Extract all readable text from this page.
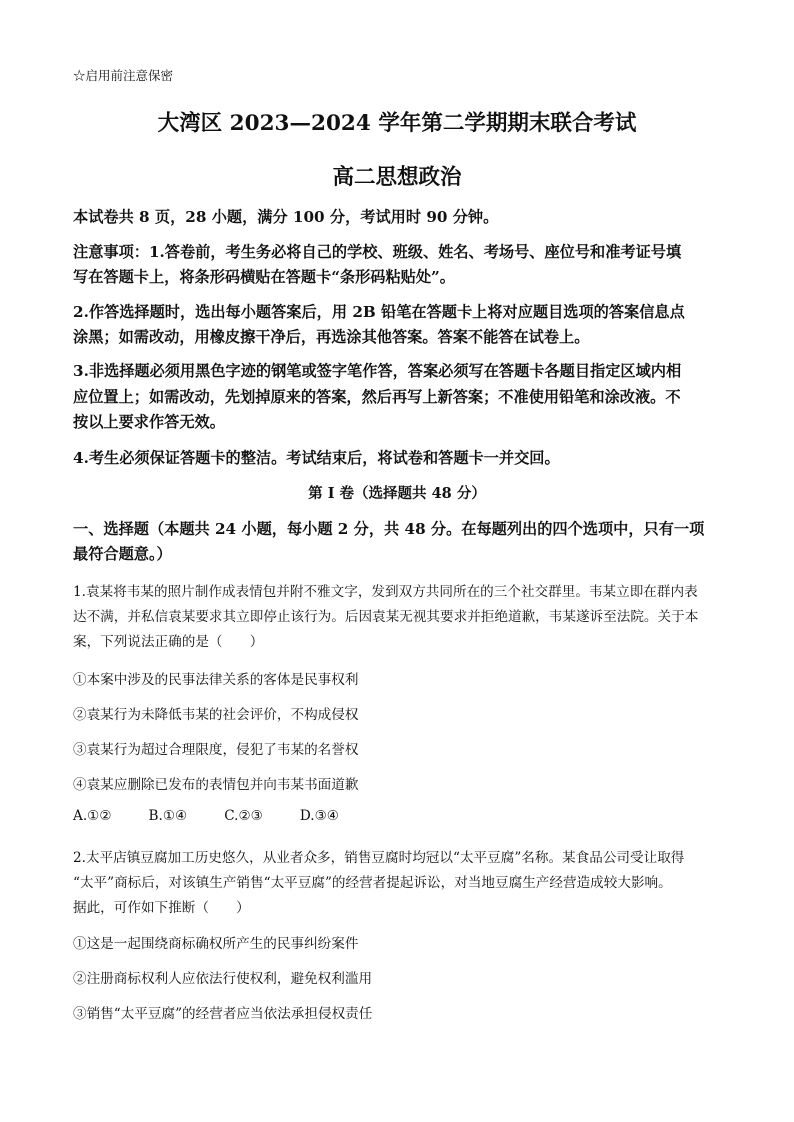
☆启用前注意保密
大湾区 2023—2024 学年第二学期期末联合考试
高二思想政治
本试卷共 8 页，28 小题，满分 100 分，考试用时 90 分钟。
注意事项：1.答卷前，考生务必将自己的学校、班级、姓名、考场号、座位号和准考证号填
写在答题卡上，将条形码横贴在答题卡“条形码粘贴处”。
2.作答选择题时，选出每小题答案后，用 2B 铅笔在答题卡上将对应题目选项的答案信息点
涂黑；如需改动，用橡皮擦干净后，再选涂其他答案。答案不能答在试卷上。
3.非选择题必须用黑色字迹的钢笔或签字笔作答，答案必须写在答题卡各题目指定区域内相
应位置上；如需改动，先划掉原来的答案，然后再写上新答案；不准使用铅笔和涂改液。不
按以上要求作答无效。
4.考生必须保证答题卡的整洁。考试结束后，将试卷和答题卡一并交回。
第 I 卷（选择题共 48 分）
一、选择题（本题共 24 小题，每小题 2 分，共 48 分。在每题列出的四个选项中，只有一项
最符合题意。）
1.袁某将韦某的照片制作成表情包并附不雅文字，发到双方共同所在的三个社交群里。韦某立即在群内表
达不满，并私信袁某要求其立即停止该行为。后因袁某无视其要求并拒绝道歉，韦某遂诉至法院。关于本
案，下列说法正确的是（　　）
①本案中涉及的民事法律关系的客体是民事权利
②袁某行为未降低韦某的社会评价，不构成侵权
③袁某行为超过合理限度，侵犯了韦某的名誉权
④袁某应删除已发布的表情包并向韦某书面道歉
A.①②	B.①④	C.②③	D.③④
2.太平店镇豆腐加工历史悠久，从业者众多，销售豆腐时均冠以“太平豆腐”名称。某食品公司受让取得
“太平”商标后，对该镇生产销售“太平豆腐”的经营者提起诉讼，对当地豆腐生产经营造成较大影响。
据此，可作如下推断（　　）
①这是一起围绕商标确权所产生的民事纠纷案件
②注册商标权利人应依法行使权利，避免权利滥用
③销售“太平豆腐”的经营者应当依法承担侵权责任
